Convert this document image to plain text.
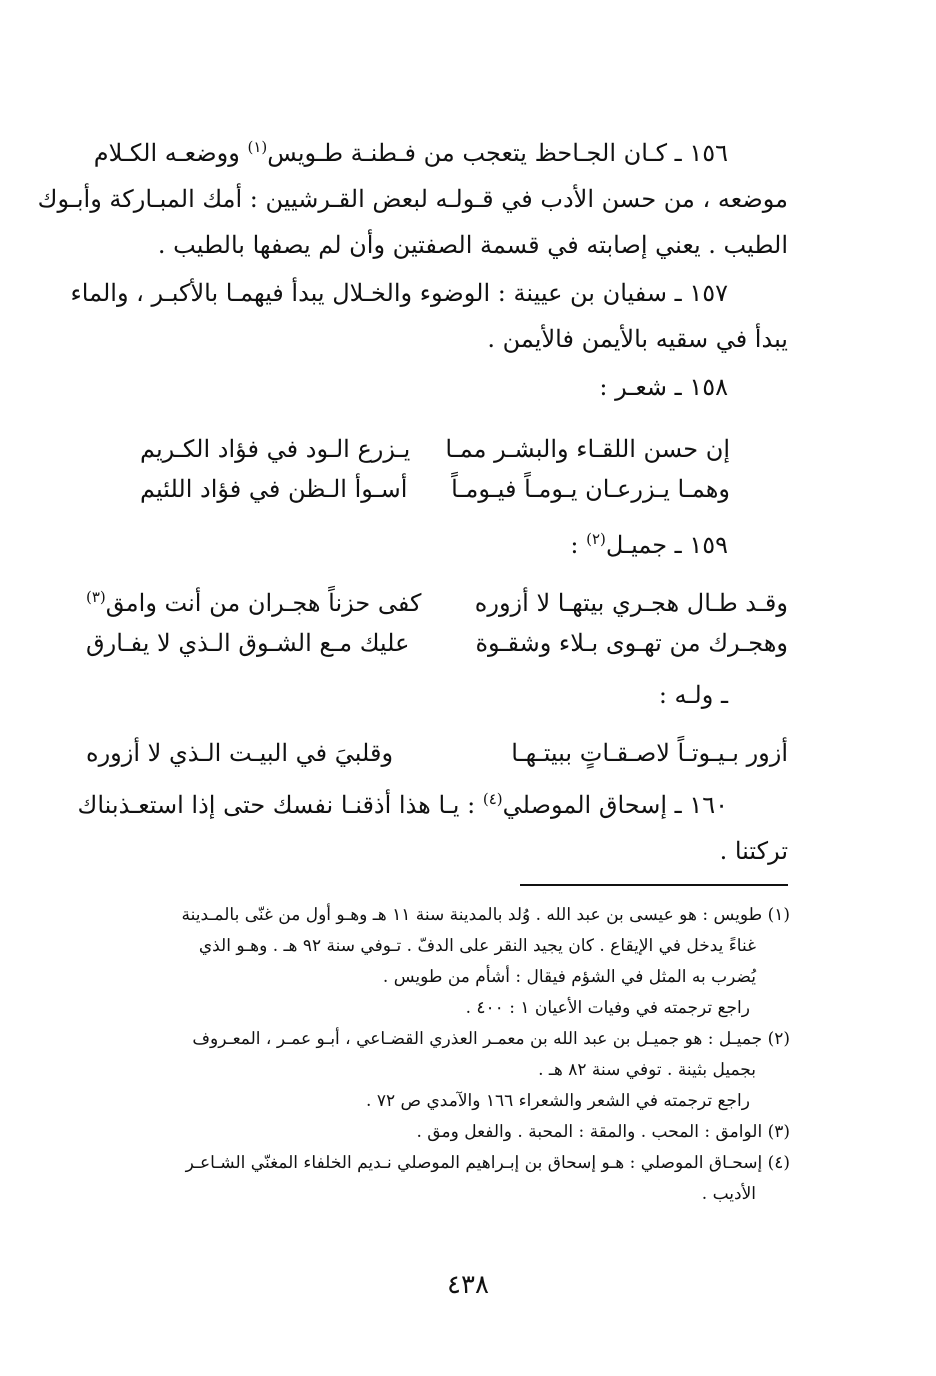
١٥٦ ـ كـان الجـاحظ يتعجب من فـطنـة طـويس$^{(١)}$ ووضعـه الكـلام
موضعه ، من حسن الأدب في قـولـه لبعض القـرشيين : أمك المبـاركة وأبـوك
الطيب . يعني إصابته في قسمة الصفتين وأن لم يصفها بالطيب .
١٥٧ ـ سفيان بن عيينة : الوضوء والخـلال يبدأ فيهمـا بالأكبـر ، والماء
يبدأ في سقيه بالأيمن فالأيمن .
١٥٨ ـ شعـر :
إن حسن اللقـاء والبشـر ممـا
يـزرع الـود في فؤاد الكـريم
وهمـا يـزرعـان يـومـاً فيـومـاً
أسـوأ الـظن في فؤاد اللئيم
١٥٩ ـ جميـل$^{(٢)}$ :
وقـد طـال هجـري بيتهـا لا أزوره
كفى حزناً هجـران من أنت وامق$^{(٣)}$
وهجـرك من تهـوى بـلاء وشقـوة
عليك مـع الشـوق الـذي لا يفـارق
ـ ولـه :
أزور بـيـوتـاً لاصـقـاتٍ ببيتـهـا
وقلبيَ في البيـت الـذي لا أزوره
١٦٠ ـ إسحاق الموصلي$^{(٤)}$ : يـا هذا أذقنـا نفسك حتى إذا استعـذبناك
تركتنا .
(١) طويس : هو عيسى بن عبد الله . وُلد بالمدينة سنة ١١ هـ وهـو أول من غنّى بالمـدينة
غناءً يدخل في الإيقاع . كان يجيد النقر على الدفّ . تـوفي سنة ٩٢ هـ . وهـو الذي
يُضرب به المثل في الشؤم فيقال : أشأم من طويس .
راجع ترجمته في وفيات الأعيان ١ : ٤٠٠ .
(٢) جميـل : هو جميـل بن عبد الله بن معمـر العذري القضـاعي ، أبـو عمـر ، المعـروف
بجميل بثينة . توفي سنة ٨٢ هـ .
راجع ترجمته في الشعر والشعراء ١٦٦ والآمدي ص ٧٢ .
(٣) الوامق : المحب . والمقة : المحبة . والفعل ومق .
(٤) إسحـاق الموصلي : هـو إسحاق بن إبـراهيم الموصلي نـديم الخلفاء المغنّي الشـاعـر
الأديب .
٤٣٨
